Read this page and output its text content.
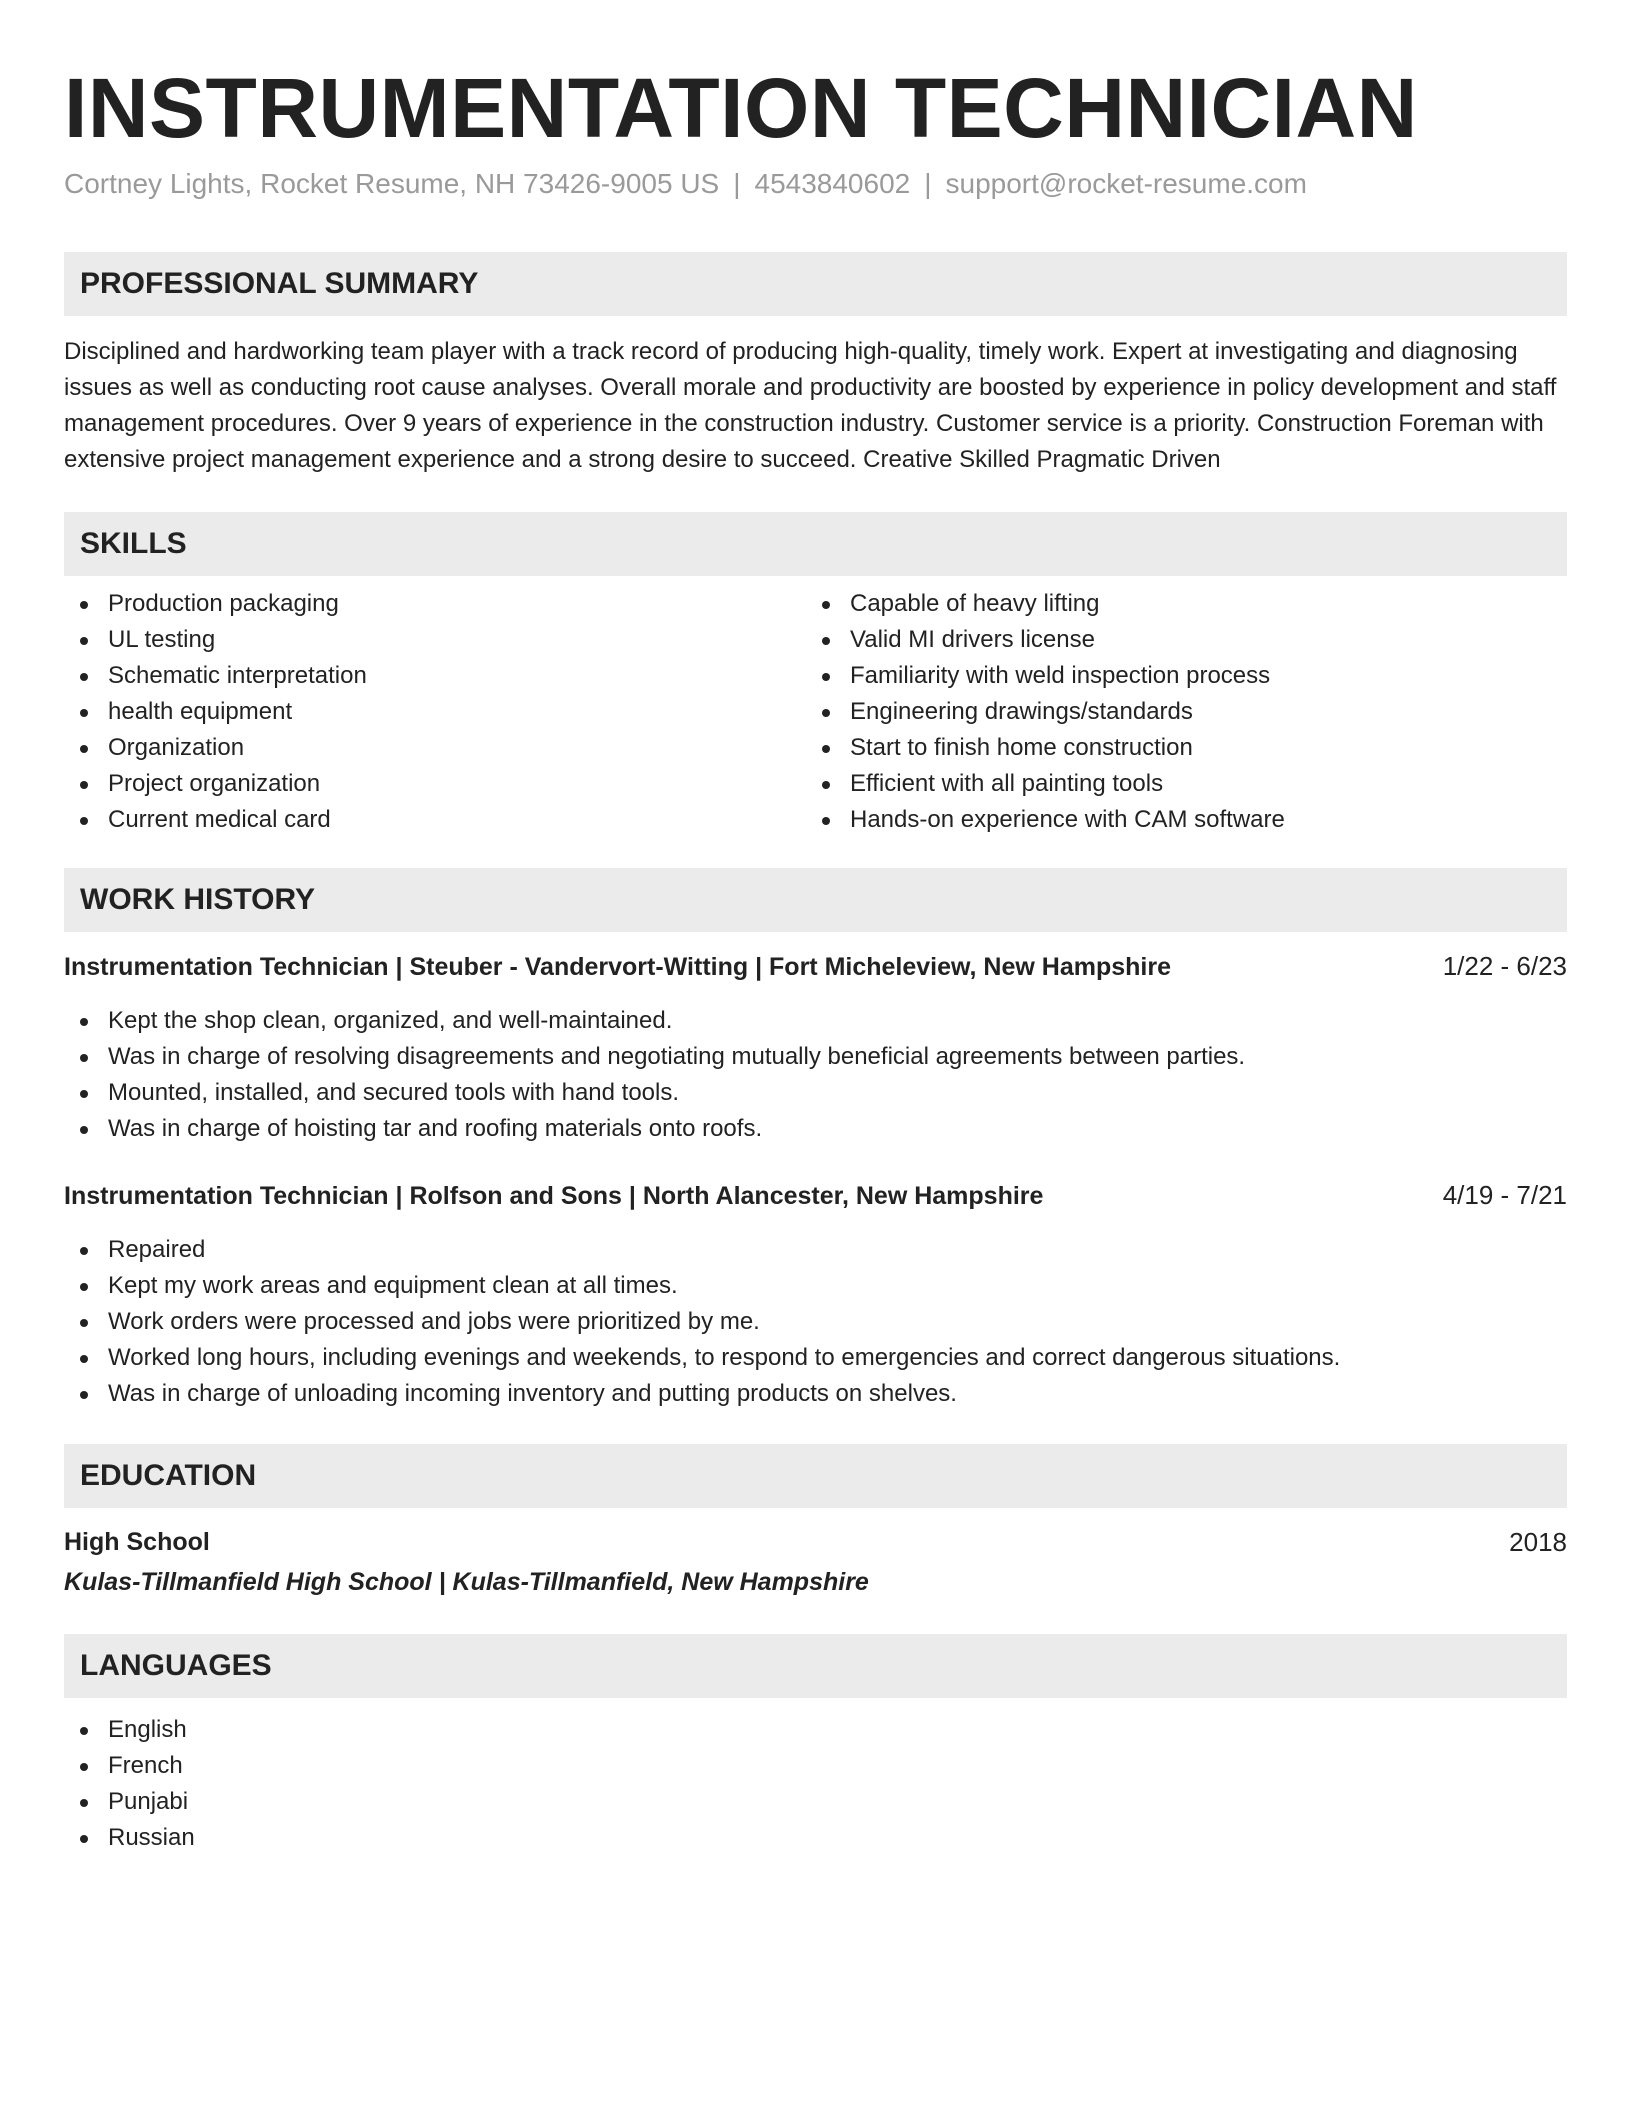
INSTRUMENTATION TECHNICIAN
Cortney Lights, Rocket Resume, NH 73426-9005 US | 4543840602 | support@rocket-resume.com
PROFESSIONAL SUMMARY

Disciplined and hardworking team player with a track record of producing high-quality, timely work. Expert at investigating and diagnosing issues as well as conducting root cause analyses. Overall morale and productivity are boosted by experience in policy development and staff management procedures. Over 9 years of experience in the construction industry. Customer service is a priority. Construction Foreman with extensive project management experience and a strong desire to succeed. Creative Skilled Pragmatic Driven

SKILLS
Production packaging
UL testing
Schematic interpretation
health equipment
Organization
Project organization
Current medical card
Capable of heavy lifting
Valid MI drivers license
Familiarity with weld inspection process
Engineering drawings/standards
Start to finish home construction
Efficient with all painting tools
Hands-on experience with CAM software
WORK HISTORY
Instrumentation Technician | Steuber - Vandervort-Witting | Fort Micheleview, New Hampshire	1/22 - 6/23
Kept the shop clean, organized, and well-maintained.
Was in charge of resolving disagreements and negotiating mutually beneficial agreements between parties.
Mounted, installed, and secured tools with hand tools.
Was in charge of hoisting tar and roofing materials onto roofs.
Instrumentation Technician | Rolfson and Sons | North Alancester, New Hampshire	4/19 - 7/21
Repaired
Kept my work areas and equipment clean at all times.
Work orders were processed and jobs were prioritized by me.
Worked long hours, including evenings and weekends, to respond to emergencies and correct dangerous situations.
Was in charge of unloading incoming inventory and putting products on shelves.
EDUCATION
High School	2018
Kulas-Tillmanfield High School | Kulas-Tillmanfield, New Hampshire
LANGUAGES
English
French
Punjabi
Russian
